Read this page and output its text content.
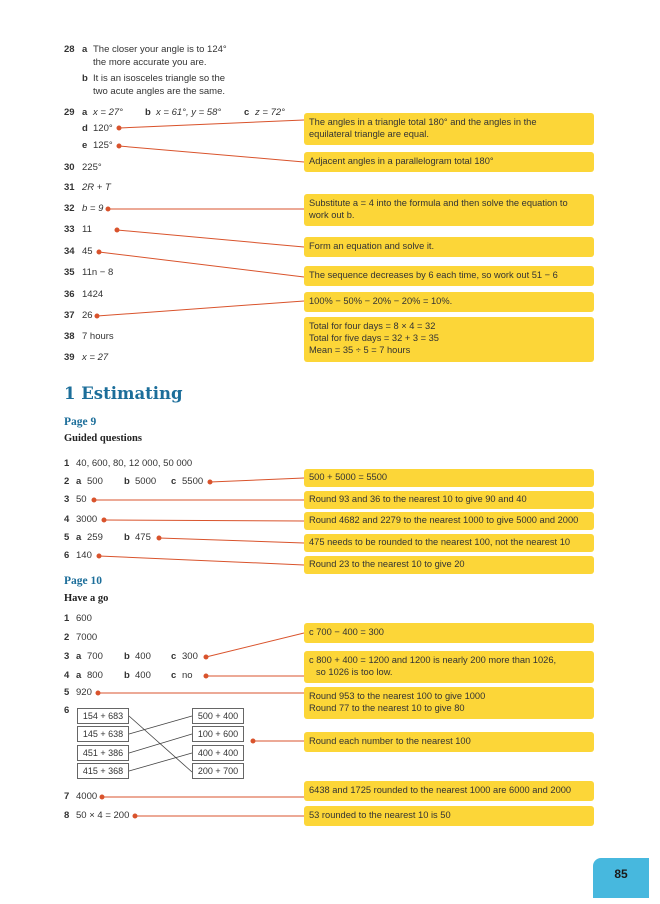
28 a The closer your angle is to 124°
the more accurate you are.
b It is an isosceles triangle so the
two acute angles are the same.
29 a x = 27° b x = 61°, y = 58° c z = 72°
d 120°
e 125°
30 225°
31 2R + T
32 b = 9
33 11
34 45
35 11n − 8
36 1424
37 26
38 7 hours
39 x = 27
The angles in a triangle total 180° and the angles in the
equilateral triangle are equal.
Adjacent angles in a parallelogram total 180°
Substitute a = 4 into the formula and then solve the equation to
work out b.
Form an equation and solve it.
The sequence decreases by 6 each time, so work out 51 − 6
100% − 50% − 20% − 20% = 10%.
Total for four days = 8 × 4 = 32
Total for five days = 32 + 3 = 35
Mean = 35 ÷ 5 = 7 hours
1 Estimating
Page 9
Guided questions
1 40, 600, 80, 12 000, 50 000
2 a 500 b 5000 c 5500
3 50
4 3000
5 a 259 b 475
6 140
500 + 5000 = 5500
Round 93 and 36 to the nearest 10 to give 90 and 40
Round 4682 and 2279 to the nearest 1000 to give 5000 and 2000
475 needs to be rounded to the nearest 100, not the nearest 10
Round 23 to the nearest 10 to give 20
Page 10
Have a go
1 600
2 7000
3 a 700 b 400 c 300
4 a 800 b 400 c no
5 920
6	154 + 683
145 + 638
451 + 386
415 + 368
500 + 400
100 + 600
400 + 400
200 + 700
7 4000
8 50 × 4 = 200
c 700 − 400 = 300
c 800 + 400 = 1200 and 1200 is nearly 200 more than 1026,
so 1026 is too low.
Round 953 to the nearest 100 to give 1000
Round 77 to the nearest 10 to give 80
Round each number to the nearest 100
6438 and 1725 rounded to the nearest 1000 are 6000 and 2000
53 rounded to the nearest 10 is 50
85
